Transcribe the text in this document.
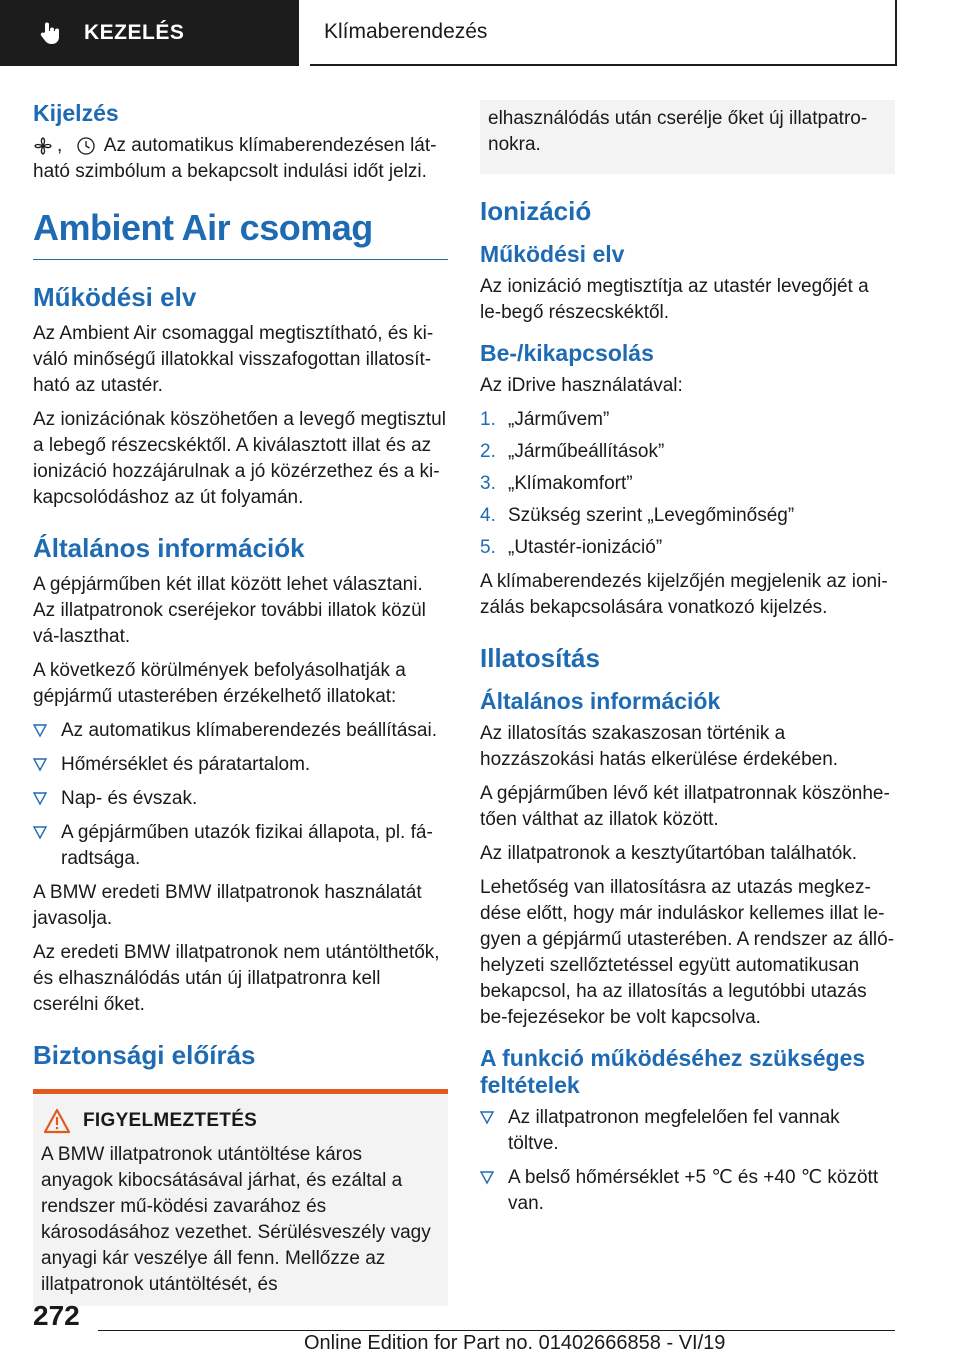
KEZELÉS	Klímaberendezés
Kijelzés

, Az automatikus klímaberendezésen lát-ható szimbólum a bekapcsolt indulási időt jelzi.

Ambient Air csomag
Működési elv

Az Ambient Air csomaggal megtisztítható, és ki-váló minőségű illatokkal visszafogottan illatosít-ható az utastér.

Az ionizációnak köszöhetően a levegő megtisztul a lebegő részecskéktől. A kiválasztott illat és az ionizáció hozzájárulnak a jó közérzethez és a ki-kapcsolódáshoz az út folyamán.

Általános információk

A gépjárműben két illat között lehet választani. Az illatpatronok cseréjekor további illatok közül vá-laszthat.

A következő körülmények befolyásolhatják a gépjármű utasterében érzékelhető illatokat:

Az automatikus klímaberendezés beállításai.
Hőmérséklet és páratartalom.
Nap- és évszak.
A gépjárműben utazók fizikai állapota, pl. fá-radtsága.

A BMW eredeti BMW illatpatronok használatát javasolja.

Az eredeti BMW illatpatronok nem utántölthetők, és elhasználódás után új illatpatronra kell cserélni őket.

Biztonsági előírás
FIGYELMEZTETÉS

A BMW illatpatronok utántöltése káros anyagok kibocsátásával járhat, és ezáltal a rendszer mű-ködési zavarához és károsodásához vezethet. Sérülésveszély vagy anyagi kár veszélye áll fenn. Mellőzze az illatpatronok utántöltését, és

elhasználódás után cserélje őket új illatpatro-nokra.

Ionizáció
Működési elv

Az ionizáció megtisztítja az utastér levegőjét a le-begő részecskéktől.

Be-/kikapcsolás

Az iDrive használatával:

1. „Járművem”
2. „Járműbeállítások”
3. „Klímakomfort”
4. Szükség szerint „Levegőminőség”
5. „Utastér-ionizáció”

A klímaberendezés kijelzőjén megjelenik az ioni-zálás bekapcsolására vonatkozó kijelzés.

Illatosítás
Általános információk

Az illatosítás szakaszosan történik a hozzászokási hatás elkerülése érdekében.

A gépjárműben lévő két illatpatronnak köszönhe-tően válthat az illatok között.

Az illatpatronok a kesztyűtartóban találhatók.

Lehetőség van illatosításra az utazás megkez-dése előtt, hogy már induláskor kellemes illat le-gyen a gépjármű utasterében. A rendszer az álló-helyzeti szellőztetéssel együtt automatikusan bekapcsol, ha az illatosítás a legutóbbi utazás be-fejezésekor be volt kapcsolva.

A funkció működéséhez szükséges feltételek
Az illatpatronon megfelelően fel vannak töltve.
A belső hőmérséklet +5 ℃ és +40 ℃ között van.
272
Online Edition for Part no. 01402666858 - VI/19
